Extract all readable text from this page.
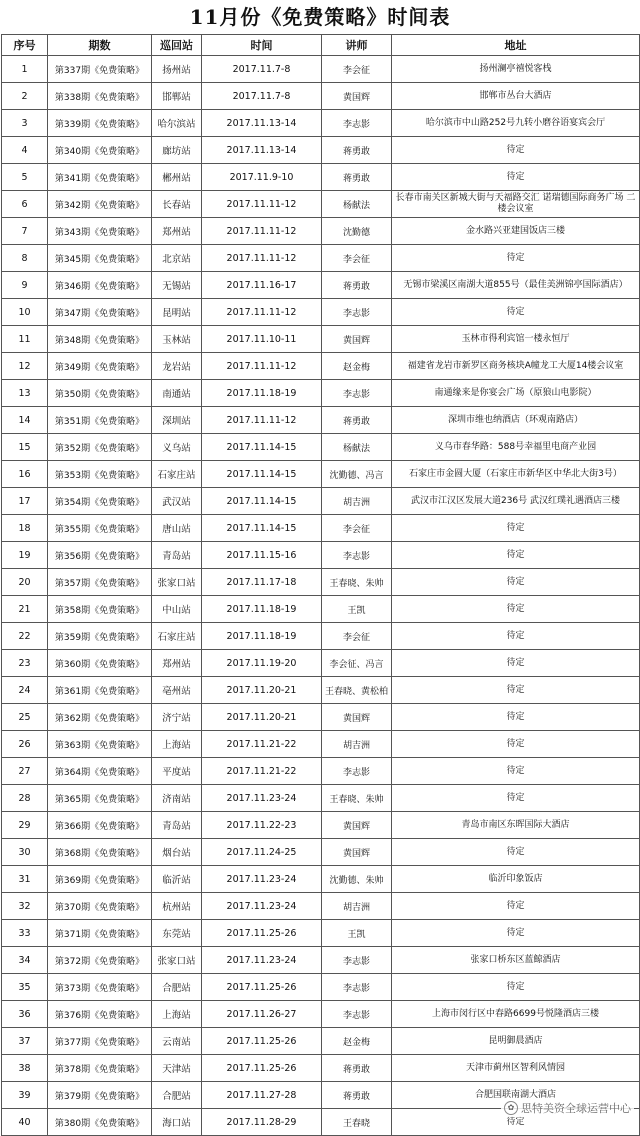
11月份《免费策略》时间表
序号	期数	巡回站	时间	讲师	地址
1	第337期《免费策略》	扬州站	2017.11.7-8	李会征	扬州澜亭禧悦客栈
2	第338期《免费策略》	邯郸站	2017.11.7-8	黄国辉	邯郸市丛台大酒店
3	第339期《免费策略》	哈尔滨站	2017.11.13-14	李志影	哈尔滨市中山路252号九转小磨谷语宴宾会厅
4	第340期《免费策略》	廊坊站	2017.11.13-14	蒋勇敢	待定
5	第341期《免费策略》	郴州站	2017.11.9-10	蒋勇敢	待定
6	第342期《免费策略》	长春站	2017.11.11-12	杨献法	长春市南关区新城大街与天福路交汇 诺瑞德国际商务广场 二楼会议室
7	第343期《免费策略》	郑州站	2017.11.11-12	沈勤德	金水路兴亚建国饭店三楼
8	第345期《免费策略》	北京站	2017.11.11-12	李会征	待定
9	第346期《免费策略》	无锡站	2017.11.16-17	蒋勇敢	无锡市梁溪区南湖大道855号（最佳美洲锦亭国际酒店）
10	第347期《免费策略》	昆明站	2017.11.11-12	李志影	待定
11	第348期《免费策略》	玉林站	2017.11.10-11	黄国辉	玉林市得利宾馆一楼永恒厅
12	第349期《免费策略》	龙岩站	2017.11.11-12	赵金梅	福建省龙岩市新罗区商务核块A幢龙工大厦14楼会议室
13	第350期《免费策略》	南通站	2017.11.18-19	李志影	南通缘来是你宴会广场（原狼山电影院）
14	第351期《免费策略》	深圳站	2017.11.11-12	蒋勇敢	深圳市维也纳酒店（环观南路店）
15	第352期《免费策略》	义乌站	2017.11.14-15	杨献法	义乌市春华路：588号幸福里电商产业园
16	第353期《免费策略》	石家庄站	2017.11.14-15	沈勤德、冯言	石家庄市金圆大厦（石家庄市新华区中华北大街3号）
17	第354期《免费策略》	武汉站	2017.11.14-15	胡吉洲	武汉市江汉区发展大道236号 武汉红璞礼遇酒店三楼
18	第355期《免费策略》	唐山站	2017.11.14-15	李会征	待定
19	第356期《免费策略》	青岛站	2017.11.15-16	李志影	待定
20	第357期《免费策略》	张家口站	2017.11.17-18	王春晓、朱帅	待定
21	第358期《免费策略》	中山站	2017.11.18-19	王凯	待定
22	第359期《免费策略》	石家庄站	2017.11.18-19	李会征	待定
23	第360期《免费策略》	郑州站	2017.11.19-20	李会征、冯言	待定
24	第361期《免费策略》	亳州站	2017.11.20-21	王春晓、黄松柏	待定
25	第362期《免费策略》	济宁站	2017.11.20-21	黄国辉	待定
26	第363期《免费策略》	上海站	2017.11.21-22	胡吉洲	待定
27	第364期《免费策略》	平度站	2017.11.21-22	李志影	待定
28	第365期《免费策略》	济南站	2017.11.23-24	王春晓、朱帅	待定
29	第366期《免费策略》	青岛站	2017.11.22-23	黄国辉	青岛市南区东晖国际大酒店
30	第368期《免费策略》	烟台站	2017.11.24-25	黄国辉	待定
31	第369期《免费策略》	临沂站	2017.11.23-24	沈勤德、朱帅	临沂印象饭店
32	第370期《免费策略》	杭州站	2017.11.23-24	胡吉洲	待定
33	第371期《免费策略》	东莞站	2017.11.25-26	王凯	待定
34	第372期《免费策略》	张家口站	2017.11.23-24	李志影	张家口桥东区蓝鲸酒店
35	第373期《免费策略》	合肥站	2017.11.25-26	李志影	待定
36	第376期《免费策略》	上海站	2017.11.26-27	李志影	上海市闵行区中春路6699号悦隆酒店三楼
37	第377期《免费策略》	云南站	2017.11.25-26	赵金梅	昆明御晨酒店
38	第378期《免费策略》	天津站	2017.11.25-26	蒋勇敢	天津市蓟州区智利风情园
39	第379期《免费策略》	合肥站	2017.11.27-28	蒋勇敢	合肥国联南湖大酒店
40	第380期《免费策略》	海口站	2017.11.28-29	王春晓	待定
✿ 思特美资全球运营中心
